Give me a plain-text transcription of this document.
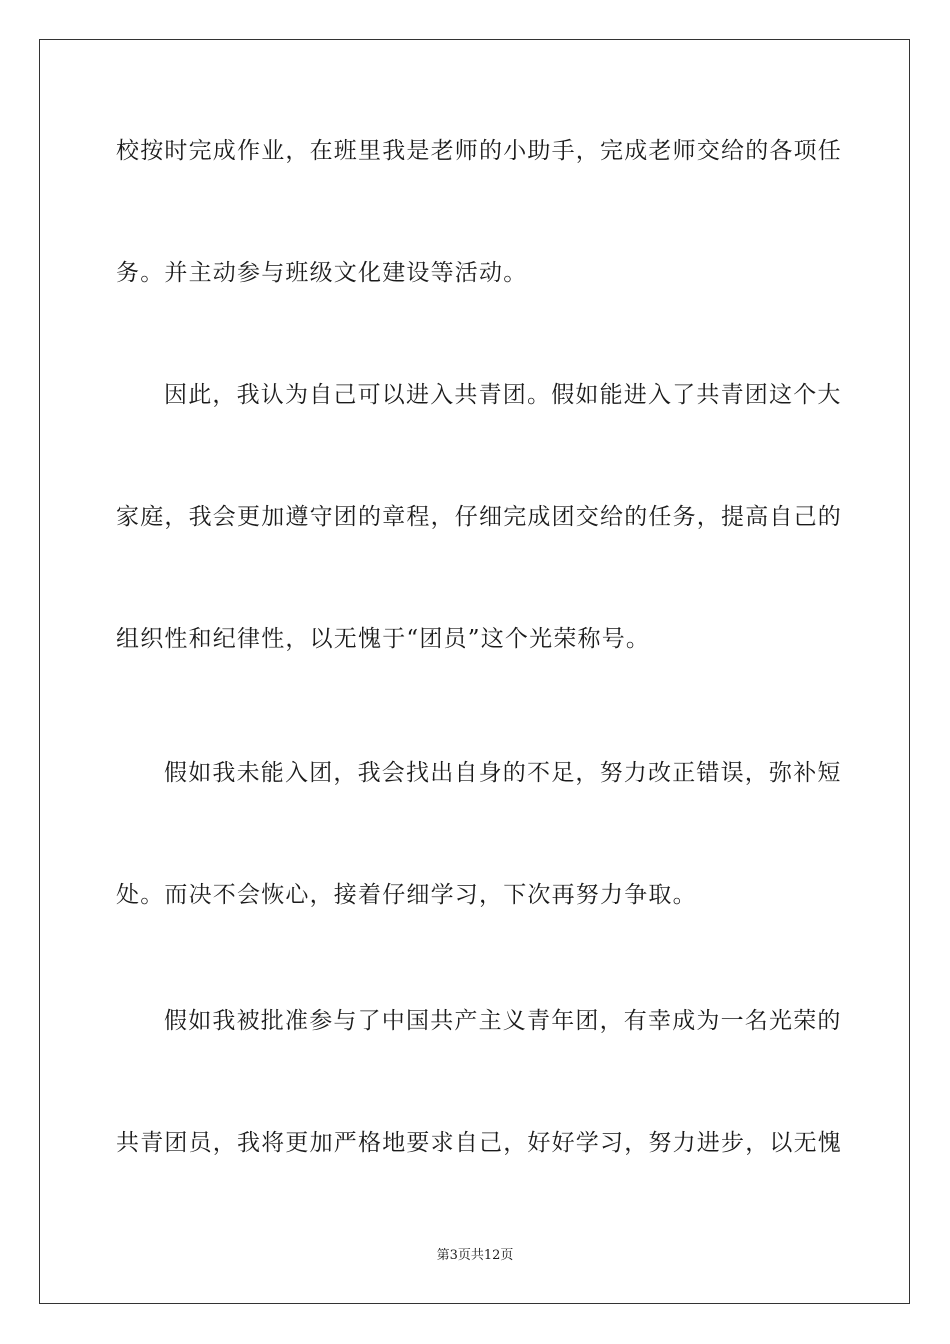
校按时完成作业，在班里我是老师的小助手，完成老师交给的各项任
务。并主动参与班级文化建设等活动。
因此，我认为自己可以进入共青团。假如能进入了共青团这个大
家庭，我会更加遵守团的章程，仔细完成团交给的任务，提高自己的
组织性和纪律性，以无愧于“团员”这个光荣称号。
假如我未能入团，我会找出自身的不足，努力改正错误，弥补短
处。而决不会恢心，接着仔细学习，下次再努力争取。
假如我被批准参与了中国共产主义青年团，有幸成为一名光荣的
共青团员，我将更加严格地要求自己，好好学习，努力进步，以无愧
第3页共12页
